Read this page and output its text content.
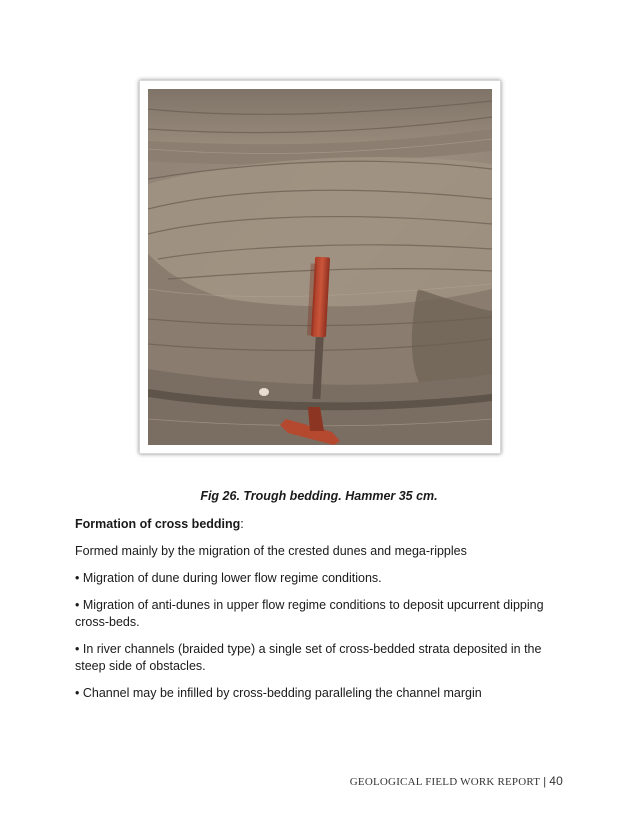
Fig 26. Trough bedding. Hammer 35 cm.

Formation of cross bedding:

Formed mainly by the migration of the crested dunes and mega-ripples

• Migration of dune during lower flow regime conditions.

• Migration of anti-dunes in upper flow regime conditions to deposit upcurrent dipping cross-beds.

• In river channels (braided type) a single set of cross-bedded strata deposited in the steep side of obstacles.

• Channel may be infilled by cross-bedding paralleling the channel margin

GEOLOGICAL FIELD WORK REPORT | 40
